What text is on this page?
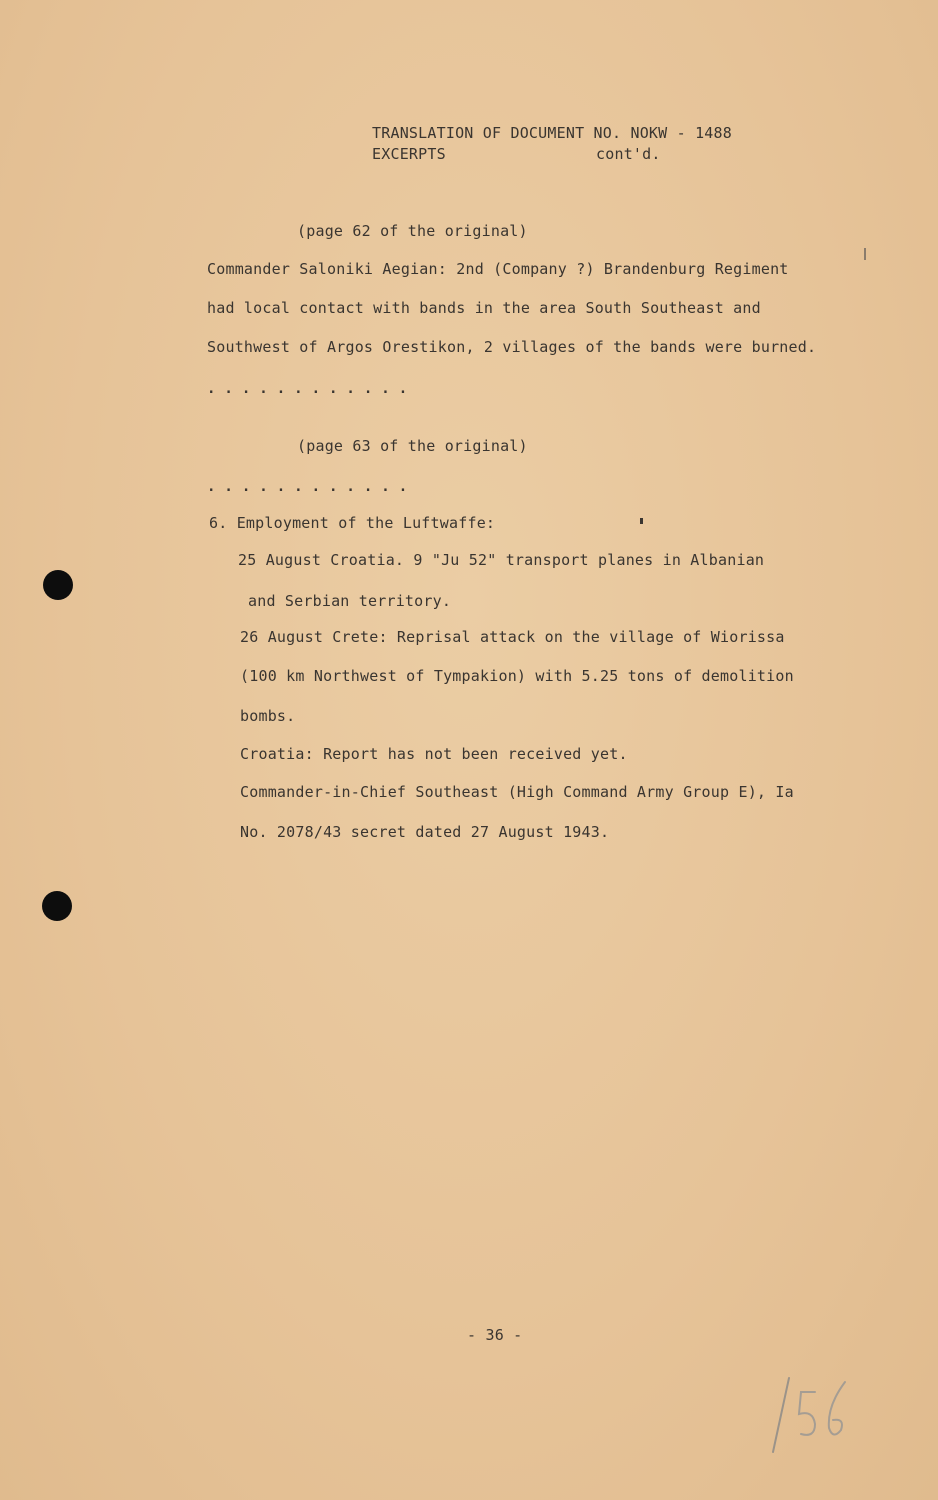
TRANSLATION OF DOCUMENT NO. NOKW - 1488
EXCERPTS	cont'd.
(page 62 of the original)
Commander Saloniki Aegian: 2nd (Company ?) Brandenburg Regiment
had local contact with bands in the area South Southeast and
Southwest of Argos Orestikon, 2 villages of the bands were burned.
............
(page 63 of the original)
............
6. Employment of the Luftwaffe:
25 August Croatia. 9 "Ju 52" transport planes in Albanian
and Serbian territory.
26 August Crete: Reprisal attack on the village of Wiorissa
(100 km Northwest of Tympakion) with 5.25 tons of demolition
bombs.
Croatia: Report has not been received yet.
Commander-in-Chief Southeast (High Command Army Group E), Ia
No. 2078/43 secret dated 27 August 1943.
- 36 -
